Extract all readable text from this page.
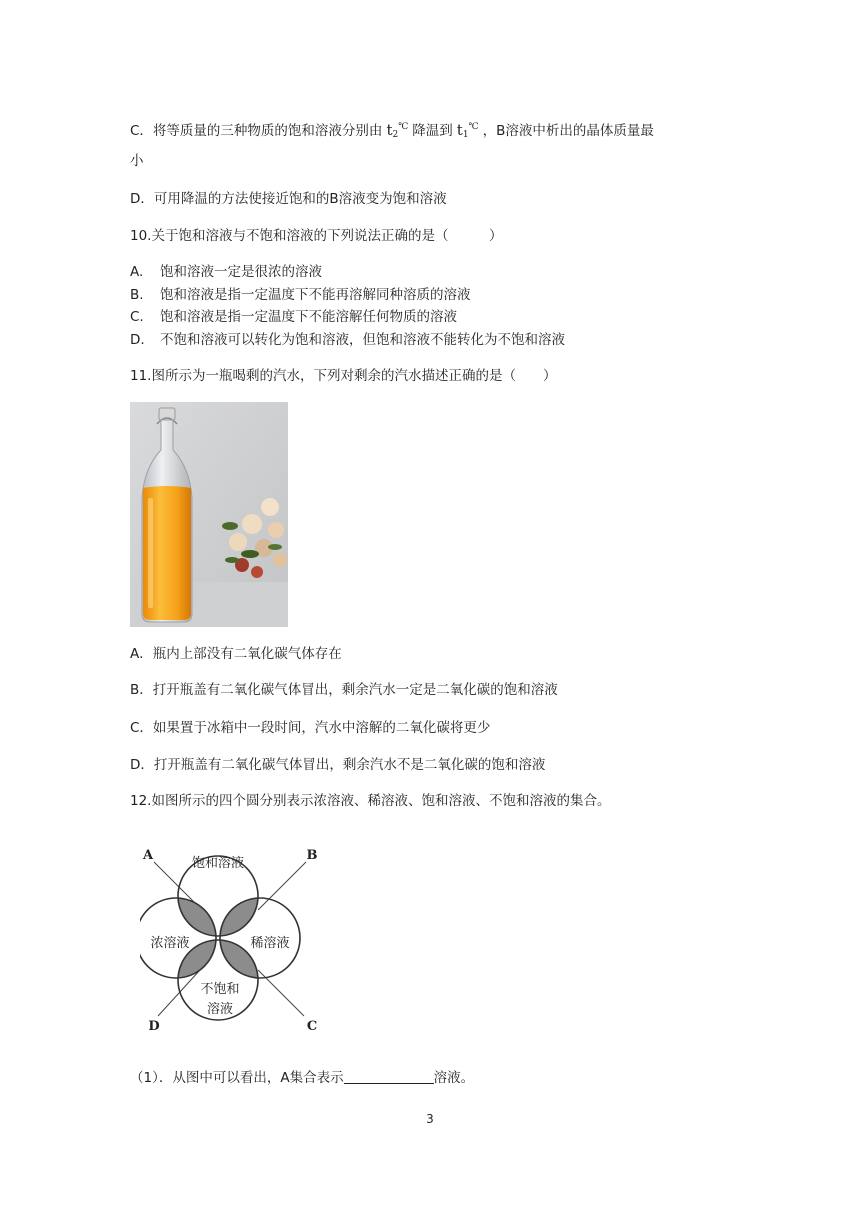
C．将等质量的三种物质的饱和溶液分别由 $t_2^℃$ 降温到 $t_1^℃$ ，B溶液中析出的晶体质量最
小
D．可用降温的方法使接近饱和的B溶液变为饱和溶液
10.关于饱和溶液与不饱和溶液的下列说法正确的是（　　　）
A. 饱和溶液一定是很浓的溶液
B. 饱和溶液是指一定温度下不能再溶解同种溶质的溶液
C. 饱和溶液是指一定温度下不能溶解任何物质的溶液
D. 不饱和溶液可以转化为饱和溶液，但饱和溶液不能转化为不饱和溶液
11.图所示为一瓶喝剩的汽水，下列对剩余的汽水描述正确的是（　　）
A．瓶内上部没有二氧化碳气体存在
B．打开瓶盖有二氧化碳气体冒出，剩余汽水一定是二氧化碳的饱和溶液
C．如果置于冰箱中一段时间，汽水中溶解的二氧化碳将更少
D．打开瓶盖有二氧化碳气体冒出，剩余汽水不是二氧化碳的饱和溶液
12.如图所示的四个圆分别表示浓溶液、稀溶液、饱和溶液、不饱和溶液的集合。
饱和溶液
浓溶液	稀溶液
不饱和
溶液
A	B
D	C
（1）．从图中可以看出，A集合表示	溶液。
3
